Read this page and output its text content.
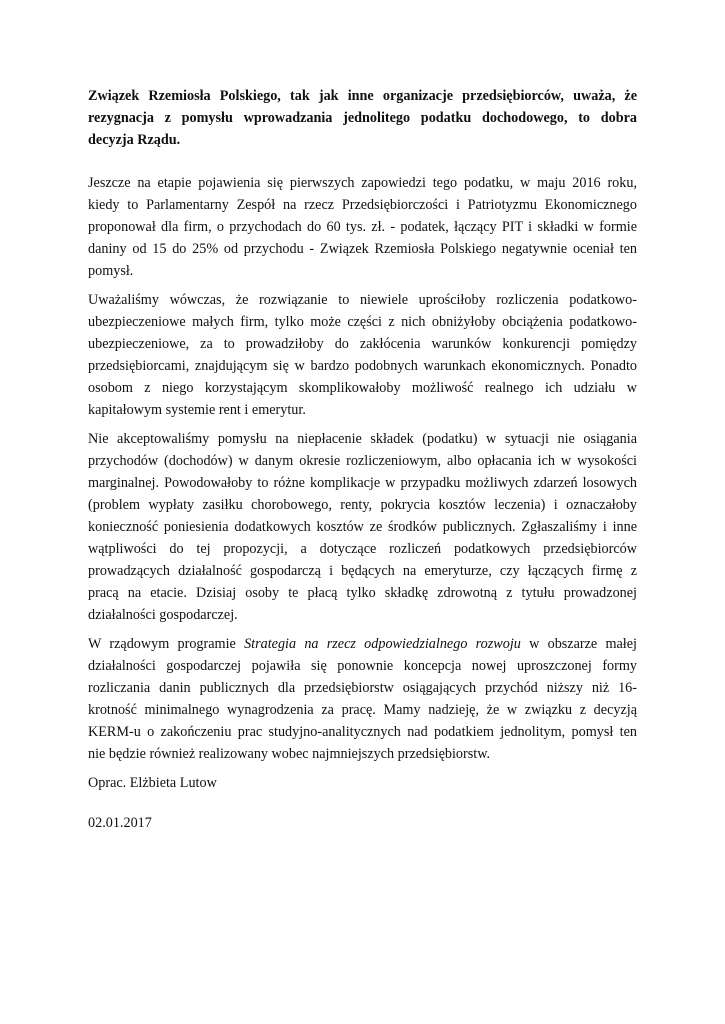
Związek Rzemiosła Polskiego, tak jak inne organizacje przedsiębiorców, uważa, że

rezygnacja z pomysłu wprowadzania jednolitego podatku dochodowego, to dobra

decyzja Rządu.

Jeszcze na etapie pojawienia się pierwszych zapowiedzi tego podatku, w maju 2016 roku,

kiedy to Parlamentarny Zespół na rzecz Przedsiębiorczości i Patriotyzmu Ekonomicznego

proponował dla firm, o przychodach do 60 tys. zł. - podatek, łączący PIT i składki w formie

daniny od 15 do 25% od przychodu - Związek Rzemiosła Polskiego negatywnie oceniał ten

pomysł.

Uważaliśmy wówczas, że rozwiązanie to niewiele uprościłoby rozliczenia podatkowo-

ubezpieczeniowe małych firm, tylko może części z nich obniżyłoby obciążenia podatkowo-

ubezpieczeniowe, za to prowadziłoby do zakłócenia warunków konkurencji pomiędzy

przedsiębiorcami, znajdującym się w bardzo podobnych warunkach ekonomicznych. Ponadto

osobom z niego korzystającym skomplikowałoby możliwość realnego ich udziału w

kapitałowym systemie rent i emerytur.

Nie akceptowaliśmy pomysłu na niepłacenie składek (podatku) w sytuacji nie osiągania

przychodów (dochodów) w danym okresie rozliczeniowym, albo opłacania ich w wysokości

marginalnej. Powodowałoby to różne komplikacje w przypadku możliwych zdarzeń losowych

(problem wypłaty zasiłku chorobowego, renty, pokrycia kosztów leczenia) i oznaczałoby

konieczność poniesienia dodatkowych kosztów ze środków publicznych. Zgłaszaliśmy i inne

wątpliwości do tej propozycji, a dotyczące rozliczeń podatkowych przedsiębiorców

prowadzących działalność gospodarczą i będących na emeryturze, czy łączących firmę z

pracą na etacie. Dzisiaj osoby te płacą tylko składkę zdrowotną z tytułu prowadzonej

działalności gospodarczej.

W rządowym programie Strategia na rzecz odpowiedzialnego rozwoju w obszarze małej

działalności gospodarczej pojawiła się ponownie koncepcja nowej uproszczonej formy

rozliczania danin publicznych dla przedsiębiorstw osiągających przychód niższy niż 16-

krotność minimalnego wynagrodzenia za pracę. Mamy nadzieję, że w związku z decyzją

KERM-u o zakończeniu prac studyjno-analitycznych nad podatkiem jednolitym, pomysł ten

nie będzie również realizowany wobec najmniejszych przedsiębiorstw.

Oprac. Elżbieta Lutow

02.01.2017
